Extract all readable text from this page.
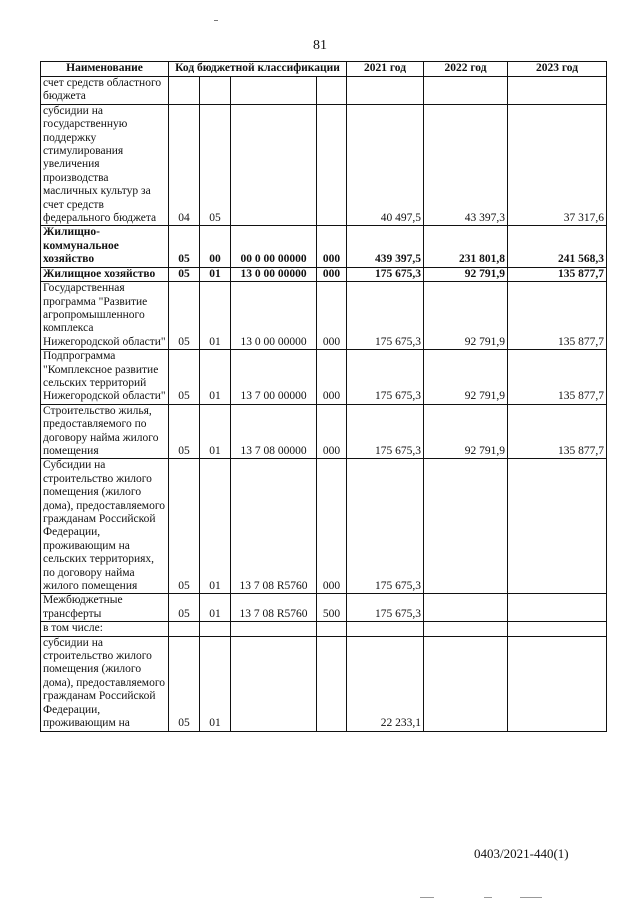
81
Наименование	Код бюджетной классификации				2021 год	2022 год	2023 год
счет средств областного бюджета							
субсидии на государственную поддержку стимулирования увеличения производства масличных культур за счет средств федерального бюджета	04	05			40 497,5	43 397,3	37 317,6
Жилищно-коммунальное хозяйство	05	00	00 0 00 00000	000	439 397,5	231 801,8	241 568,3
Жилищное хозяйство	05	01	13 0 00 00000	000	175 675,3	92 791,9	135 877,7
Государственная программа "Развитие агропромышленного комплекса Нижегородской области"	05	01	13 0 00 00000	000	175 675,3	92 791,9	135 877,7
Подпрограмма "Комплексное развитие сельских территорий Нижегородской области"	05	01	13 7 00 00000	000	175 675,3	92 791,9	135 877,7
Строительство жилья, предоставляемого по договору найма жилого помещения	05	01	13 7 08 00000	000	175 675,3	92 791,9	135 877,7
Субсидии на строительство жилого помещения (жилого дома), предоставляемого гражданам Российской Федерации, проживающим на сельских территориях, по договору найма жилого помещения	05	01	13 7 08 R5760	000	175 675,3		
Межбюджетные трансферты	05	01	13 7 08 R5760	500	175 675,3		
в том числе:							
субсидии на строительство жилого помещения (жилого дома), предоставляемого гражданам Российской Федерации, проживающим на	05	01			22 233,1		
0403/2021-440(1)
